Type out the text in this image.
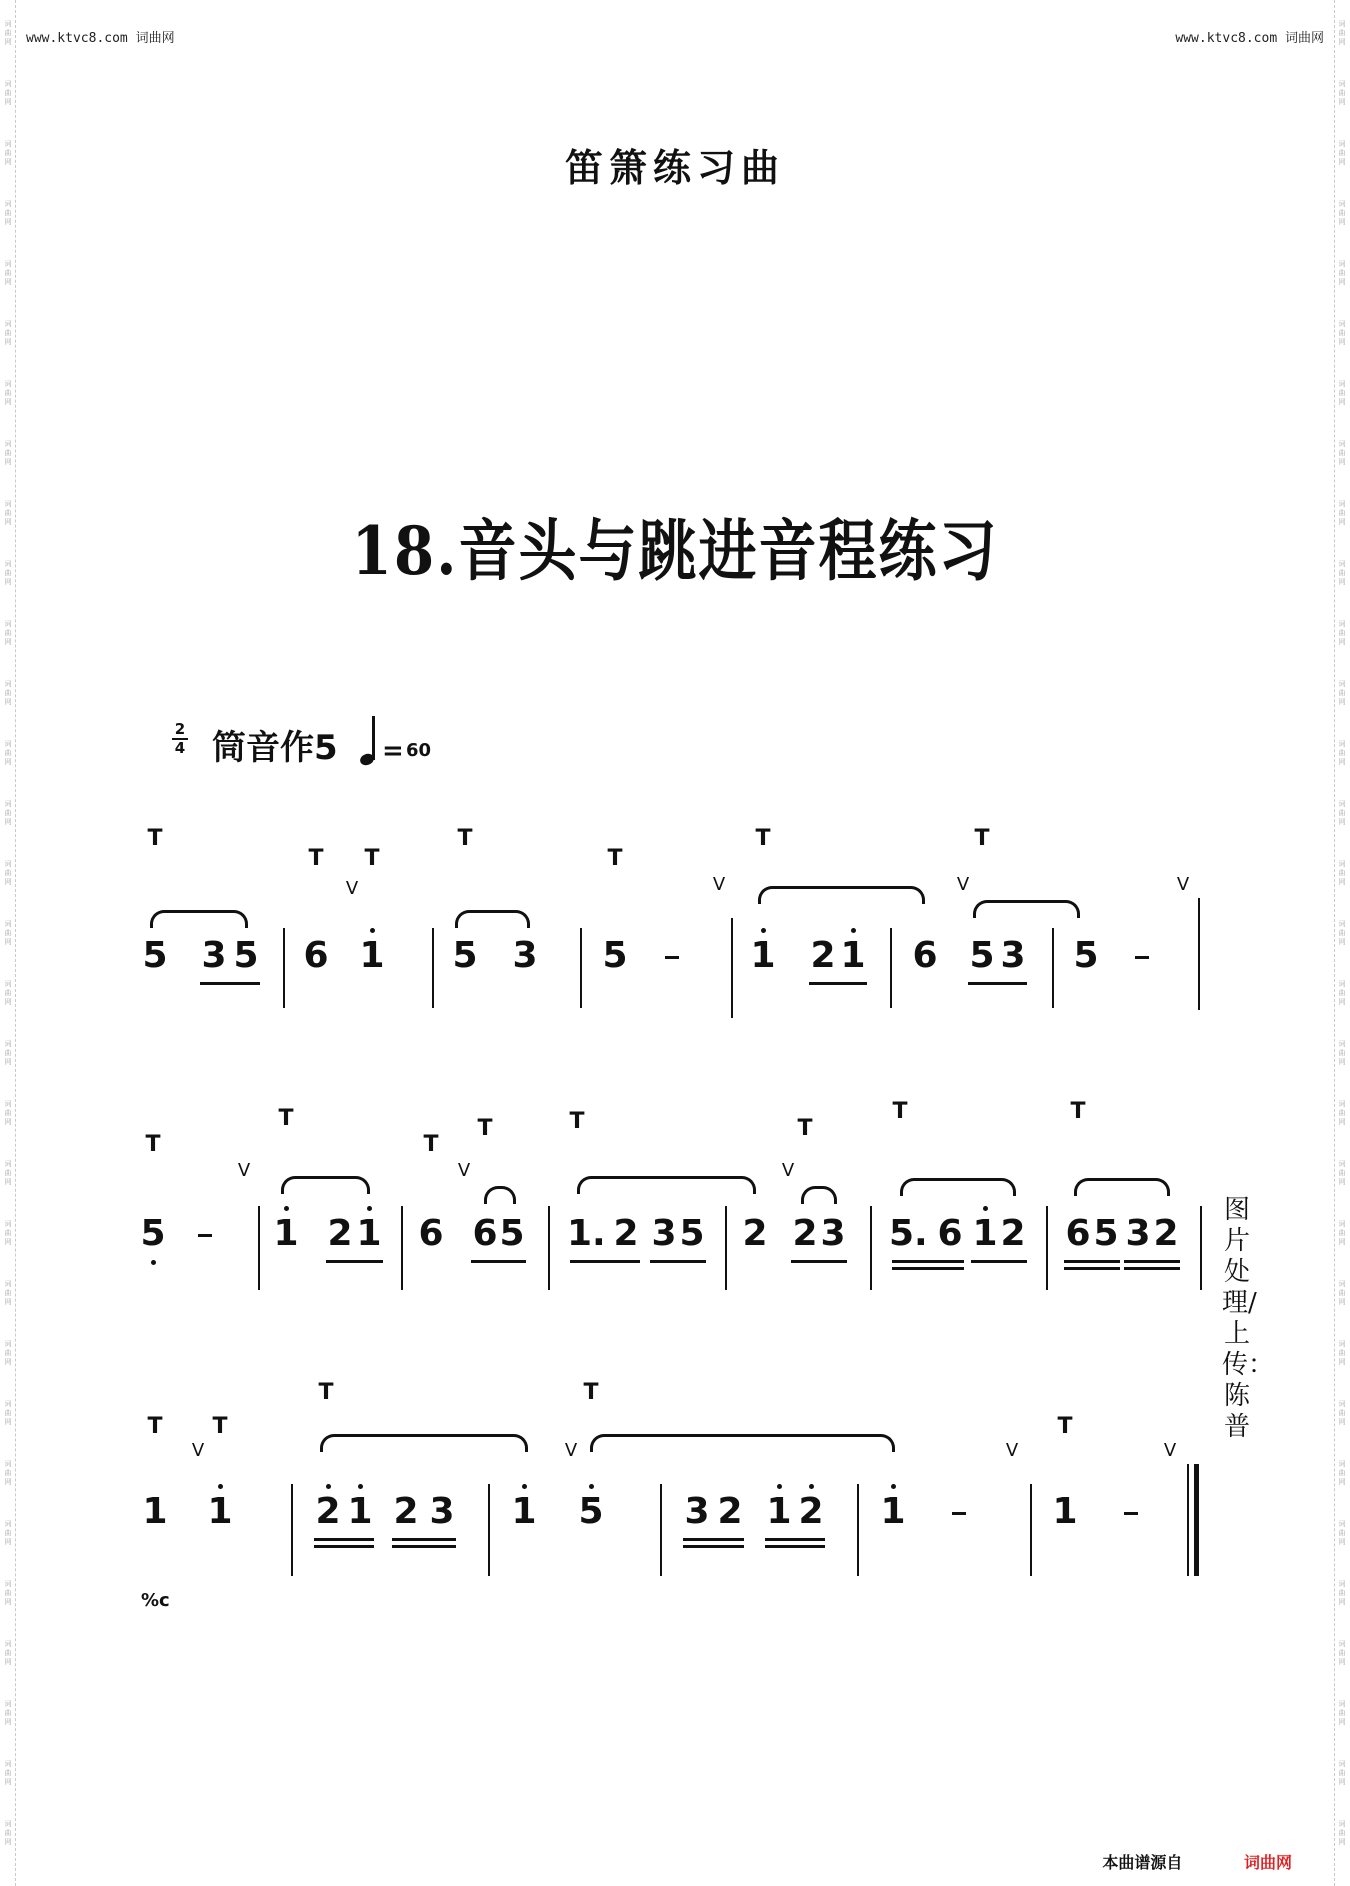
词曲网
词曲网
词曲网
词曲网
词曲网
词曲网
词曲网
词曲网
词曲网
词曲网
词曲网
词曲网
词曲网
词曲网
词曲网
词曲网
词曲网
词曲网
词曲网
词曲网
词曲网
词曲网
词曲网
词曲网
词曲网
词曲网
词曲网
词曲网
词曲网
词曲网
词曲网
词曲网
词曲网
词曲网
词曲网
词曲网
词曲网
词曲网
词曲网
词曲网
词曲网
词曲网
词曲网
词曲网
词曲网
词曲网
词曲网
词曲网
词曲网
词曲网
词曲网
词曲网
词曲网
词曲网
词曲网
词曲网
词曲网
词曲网
词曲网
词曲网
词曲网
词曲网
www.ktvc8.com 词曲网	www.ktvc8.com 词曲网
笛箫练习曲
18.音头与跳进音程练习
2
4 筒音作5 = 60
5 3 5 6 1 5 3 5	1 2 1 6 5 3 5
5	1 2 1 6 6 5 1. 2 3 5 2 2 3 5. 6 1 2 6 5 3 2
1 1 2 1 2 3 1 5 3 2 1 2 1	1
T
T T
T
T
T	T
T
T
T
T	T	T
T	T
T T
T	T
T
V	V	V	V
V	V	V
V	V	V	V
图片处理/上传：陈普
%c
本曲谱源自	词曲网
